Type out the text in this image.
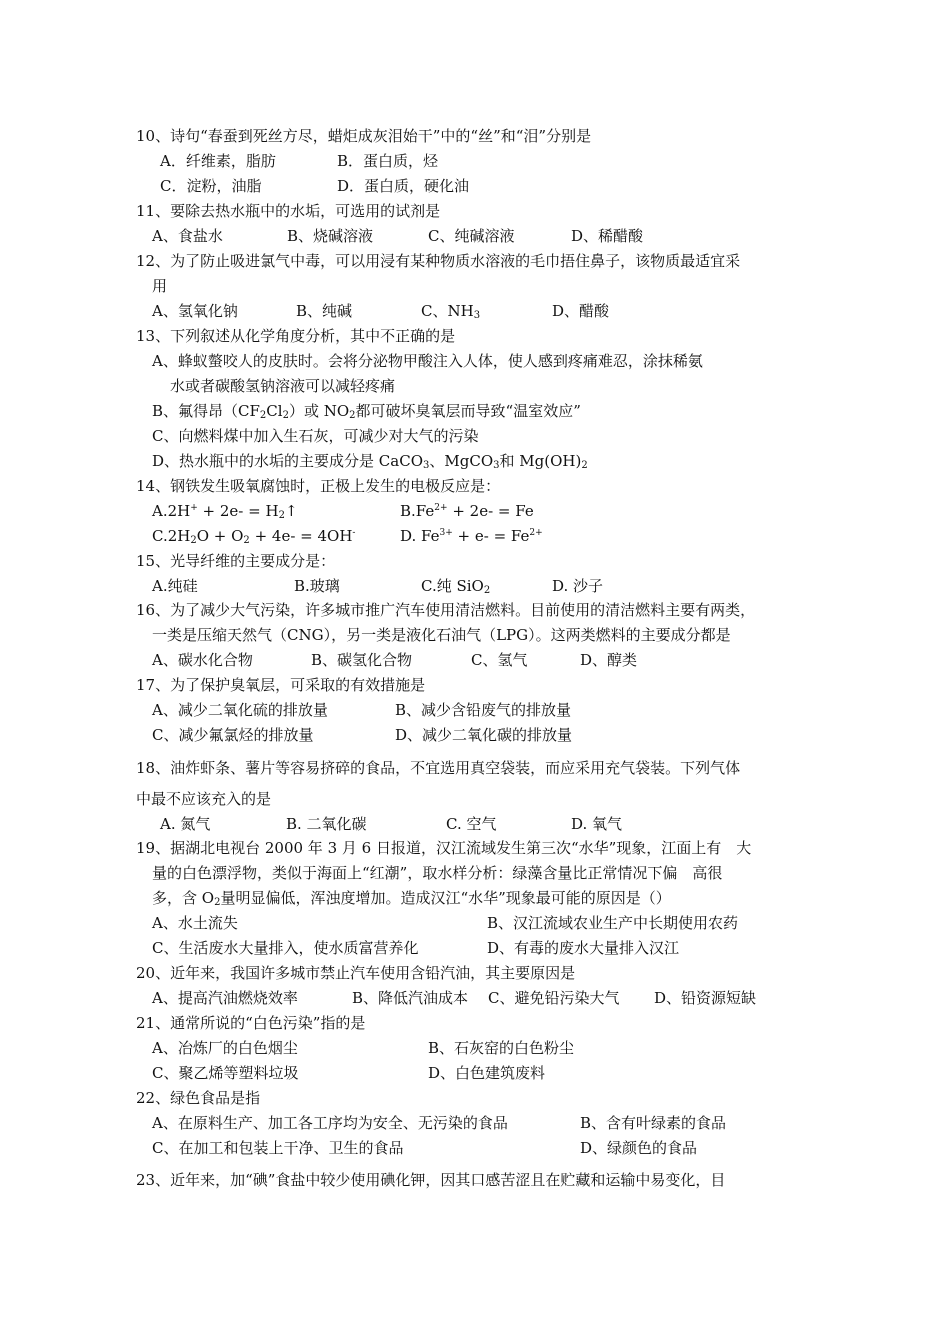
10、诗句“春蚕到死丝方尽，蜡炬成灰泪始干”中的“丝”和“泪”分别是
A．纤维素，脂肪	B．蛋白质，烃
C．淀粉，油脂	D．蛋白质，硬化油
11、要除去热水瓶中的水垢，可选用的试剂是
A、食盐水	B、烧碱溶液	C、纯碱溶液	D、稀醋酸
12、为了防止吸进氯气中毒，可以用浸有某种物质水溶液的毛巾捂住鼻子，该物质最适宜采
用
A、氢氧化钠	B、纯碱	C、$NH_3$	D、醋酸
13、下列叙述从化学角度分析，其中不正确的是
A、蜂蚁螫咬人的皮肤时。会将分泌物甲酸注入人体，使人感到疼痛难忍，涂抹稀氨
水或者碳酸氢钠溶液可以减轻疼痛
B、氟得昂$(CF_2Cl_2)$或 $NO_2$都可破坏臭氧层而导致“温室效应”
C、向燃料煤中加入生石灰，可减少对大气的污染
D、热水瓶中的水垢的主要成分是 CaCO$_3$、MgCO$_3$和 $Mg(OH)_2$
14、钢铁发生吸氧腐蚀时，正极上发生的电极反应是：
$A.2H^+ + 2e- = H_2↑$	$B.Fe^{2+} + 2e- = Fe$
$C.2H_2O + O_2 + 4e- = 4OH^-$	D. $Fe^{3+} + e- = Fe^{2+}$
15、光导纤维的主要成分是：
A.纯硅	B.玻璃	C.纯 SiO$_2$	D. 沙子
16、为了减少大气污染，许多城市推广汽车使用清洁燃料。目前使用的清洁燃料主要有两类，
一类是压缩天然气（CNG），另一类是液化石油气（LPG）。这两类燃料的主要成分都是
A、碳水化合物	B、碳氢化合物	C、氢气	D、醇类
17、为了保护臭氧层，可采取的有效措施是
A、减少二氧化硫的排放量	B、减少含铅废气的排放量
C、减少氟氯烃的排放量	D、减少二氧化碳的排放量
18、油炸虾条、薯片等容易挤碎的食品，不宜选用真空袋装，而应采用充气袋装。下列气体
中最不应该充入的是
A. 氮气	B. 二氧化碳	C. 空气	D. 氧气
19、据湖北电视台 2000 年 3 月 6 日报道，汉江流域发生第三次“水华”现象，江面上有　大
量的白色漂浮物，类似于海面上“红潮”，取水样分析：绿藻含量比正常情况下偏　高很
多，含 $O_2$量明显偏低，浑浊度增加。造成汉江“水华”现象最可能的原因是（）
A、水土流失	B、汉江流域农业生产中长期使用农药
C、生活废水大量排入，使水质富营养化	D、有毒的废水大量排入汉江
20、近年来，我国许多城市禁止汽车使用含铅汽油，其主要原因是
A、提高汽油燃烧效率	B、降低汽油成本 C、避免铅污染大气 D、铅资源短缺
21、通常所说的“白色污染”指的是
A、冶炼厂的白色烟尘	B、石灰窑的白色粉尘
C、聚乙烯等塑料垃圾	D、白色建筑废料
22、绿色食品是指
A、在原料生产、加工各工序均为安全、无污染的食品	B、含有叶绿素的食品
C、在加工和包装上干净、卫生的食品	D、绿颜色的食品
23、近年来，加“碘”食盐中较少使用碘化钾，因其口感苦涩且在贮藏和运输中易变化，目
